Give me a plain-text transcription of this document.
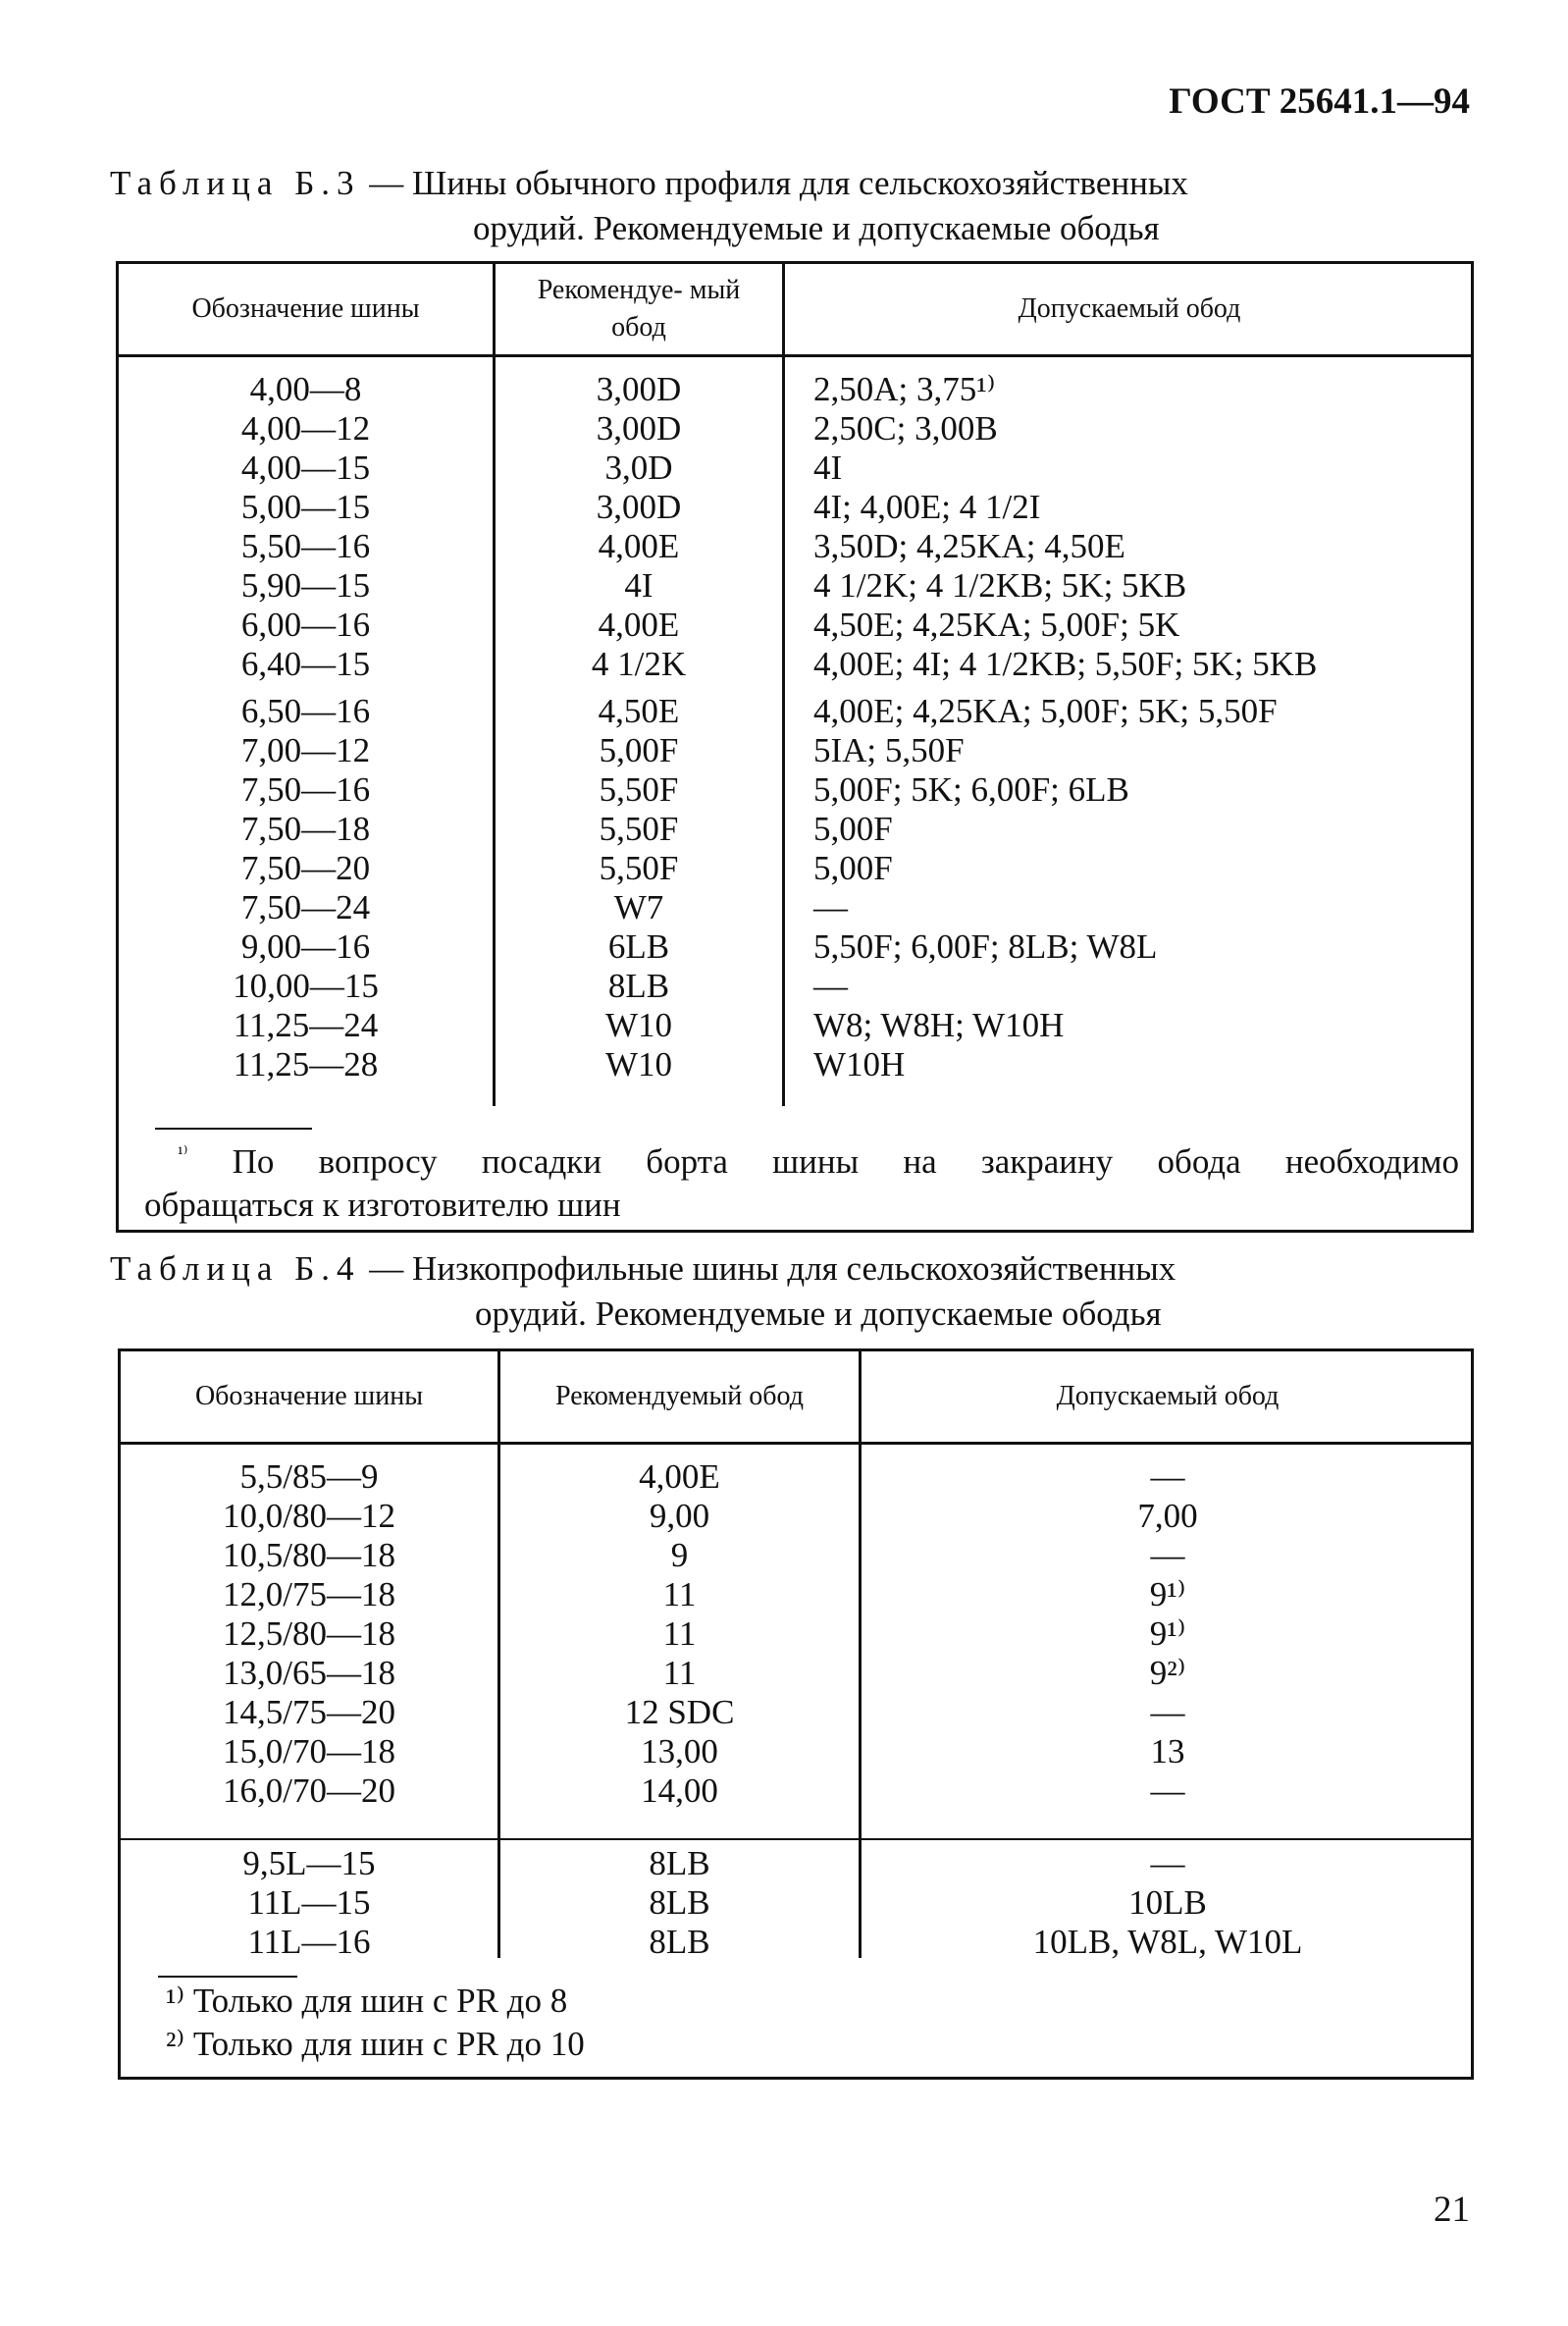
ГОСТ 25641.1—94
Таблица Б.3 — Шины обычного профиля для сельскохозяйственных
орудий. Рекомендуемые и допускаемые ободья
Обозначение шины
Рекомендуе- мый обод
Допускаемый обод
4,00—8
4,00—12
4,00—15
5,00—15
5,50—16
5,90—15
6,00—16
6,40—15
6,50—16
7,00—12
7,50—16
7,50—18
7,50—20
7,50—24
9,00—16
10,00—15
11,25—24
11,25—28
3,00D
3,00D
3,0D
3,00D
4,00E
4I
4,00E
4 1/2K
4,50E
5,00F
5,50F
5,50F
5,50F
W7
6LB
8LB
W10
W10
2,50A; 3,75¹⁾
2,50C; 3,00B
4I
4I; 4,00E; 4 1/2I
3,50D; 4,25KA; 4,50E
4 1/2K; 4 1/2KB; 5K; 5KB
4,50E; 4,25KA; 5,00F; 5K
4,00E; 4I; 4 1/2KB; 5,50F; 5K; 5KB
4,00E; 4,25KA; 5,00F; 5K; 5,50F
5IA; 5,50F
5,00F; 5K; 6,00F; 6LB
5,00F
5,00F
—
5,50F; 6,00F; 8LB; W8L
—
W8; W8H; W10H
W10H
$^{^{1)}}$ По вопросу посадки борта шины на закраину обода необходимо
обращаться к изготовителю шин
Таблица Б.4 — Низкопрофильные шины для сельскохозяйственных
орудий. Рекомендуемые и допускаемые ободья
Обозначение шины	Рекомендуемый обод	Допускаемый обод
5,5/85—9
10,0/80—12
10,5/80—18
12,0/75—18
12,5/80—18
13,0/65—18
14,5/75—20
15,0/70—18
16,0/70—20
4,00E
9,00
9
11
11
11
12 SDC
13,00
14,00
—
7,00
—
9¹⁾
9¹⁾
9²⁾
—
13
—
9,5L—15
11L—15
11L—16
8LB
8LB
8LB
—
10LB
10LB, W8L, W10L
¹⁾ Только для шин с PR до 8
²⁾ Только для шин с PR до 10
21
